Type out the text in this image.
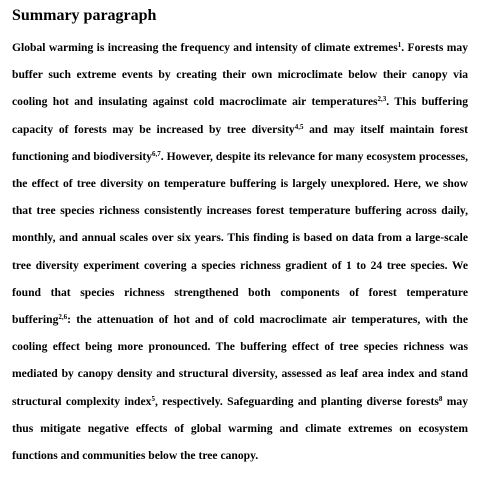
Summary paragraph

Global warming is increasing the frequency and intensity of climate extremes$^1$. Forests may buffer such extreme events by creating their own microclimate below their canopy via cooling hot and insulating against cold macroclimate air temperatures$^{2,3}$. This buffering capacity of forests may be increased by tree diversity$^{4,5}$ and may itself maintain forest functioning and biodiversity$^{6,7}$. However, despite its relevance for many ecosystem processes, the effect of tree diversity on temperature buffering is largely unexplored. Here, we show that tree species richness consistently increases forest temperature buffering across daily, monthly, and annual scales over six years. This finding is based on data from a large-scale tree diversity experiment covering a species richness gradient of 1 to 24 tree species. We found that species richness strengthened both components of forest temperature buffering$^{2,6}$: the attenuation of hot and of cold macroclimate air temperatures, with the cooling effect being more pronounced. The buffering effect of tree species richness was mediated by canopy density and structural diversity, assessed as leaf area index and stand structural complexity index$^5$, respectively. Safeguarding and planting diverse forests$^8$ may thus mitigate negative effects of global warming and climate extremes on ecosystem functions and communities below the tree canopy.
